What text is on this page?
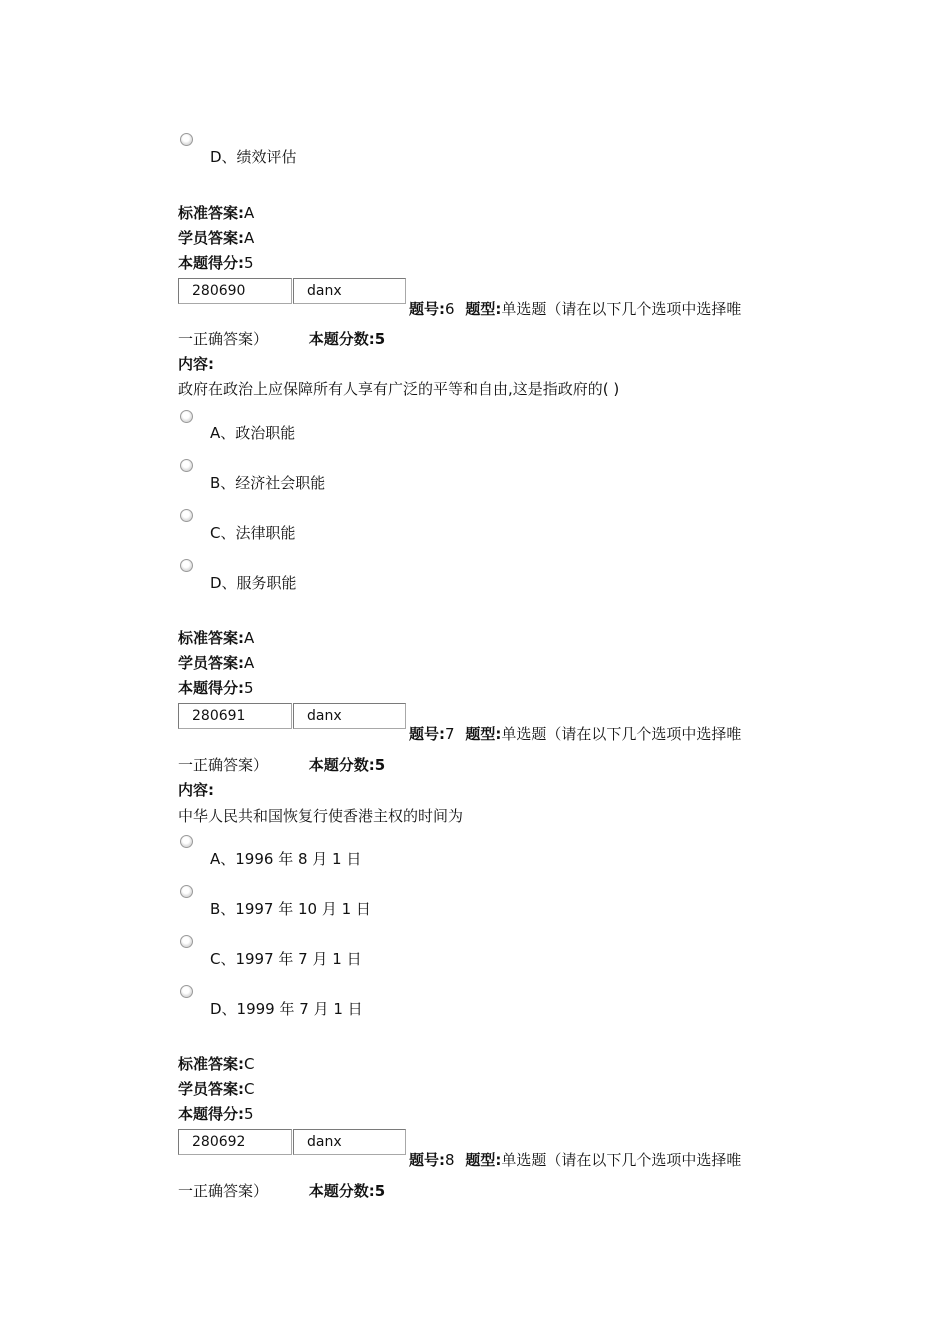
D、绩效评估
标准答案:A
学员答案:A
本题得分:5
280690	danx
题号:6 题型:单选题（请在以下几个选项中选择唯
一正确答案）	本题分数:5
内容:
政府在政治上应保障所有人享有广泛的平等和自由,这是指政府的( )
A、政治职能
B、经济社会职能
C、法律职能
D、服务职能
标准答案:A
学员答案:A
本题得分:5
280691	danx
题号:7 题型:单选题（请在以下几个选项中选择唯
一正确答案）	本题分数:5
内容:
中华人民共和国恢复行使香港主权的时间为
A、1996 年 8 月 1 日
B、1997 年 10 月 1 日
C、1997 年 7 月 1 日
D、1999 年 7 月 1 日
标准答案:C
学员答案:C
本题得分:5
280692	danx
题号:8 题型:单选题（请在以下几个选项中选择唯
一正确答案）	本题分数:5
